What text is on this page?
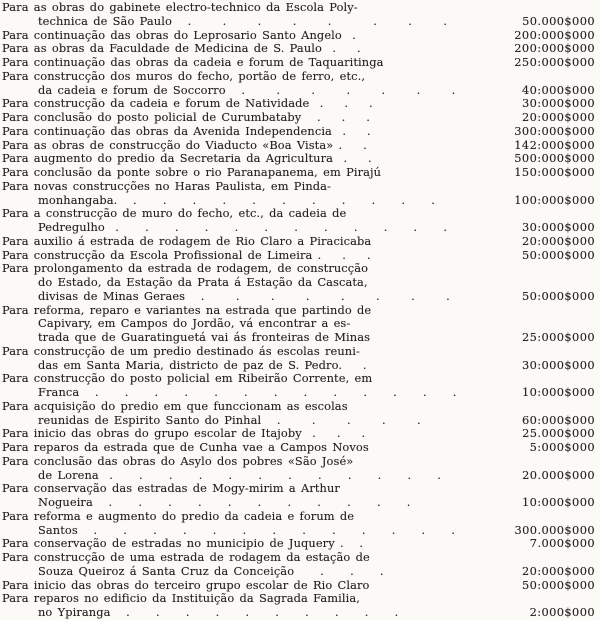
Para as obras do gabinete electro-technico da Escola Poly-
technica de São Paulo   .      .      .      .      .        .      .      .	50.000$000
Para continuação das obras do Leprosario Santo Angelo  .	200:000$000
Para as obras da Faculdade de Medicina de S. Paulo  .    .	200:000$000
Para continuação das obras da cadeia e forum de Taquaritinga	250:000$000
Para construcção dos muros do fecho, portão de ferro, etc.,
da cadeia e forum de Soccorro   .      .      .      .      .      .      .	40:000$000
Para construcção da cadeia e forum de Natividade  .    .    .	30:000$000
Para conclusão do posto policial de Curumbataby   .    .    .	20:000$000
Para continuação das obras da Avenida Independencia  .    .	300:000$000
Para as obras de construcção do Viaducto «Boa Vista» .    .	142:000$000
Para augmento do predio da Secretaria da Agricultura  .    .	500:000$000
Para conclusão da ponte sobre o rio Paranapanema, em Pirajú	150:000$000
Para novas construcções no Haras Paulista, em Pinda-
monhangaba.   .     .     .     .     .     .     .     .     .     .     .	100:000$000
Para a construcção de muro do fecho, etc., da cadeia de
Pedregulho  .     .     .     .     .     .     .     .     .     .     .     .	30:000$000
Para auxilio á estrada de rodagem de Rio Claro a Piracicaba	20:000$000
Para construcção da Escola Profissional de Limeira .    .    .	50:000$000
Para prolongamento da estrada de rodagem, de construcção
do Estado, da Estação da Prata á Estação da Cascata,
divisas de Minas Geraes   .      .      .      .      .      .      .      .	50:000$000
Para reforma, reparo e variantes na estrada que partindo de
Capivary, em Campos do Jordão, vá encontrar a es-
trada que de Guaratinguetá vai ás fronteiras de Minas	25:000$000
Para construcção de um predio destinado ás escolas reuni-
das em Santa Maria, districto de paz de S. Pedro.    .	30:000$000
Para construcção do posto policial em Ribeirão Corrente, em
Franca   .     .     .     .     .     .     .     .     .     .     .     .     .	10:000$000
Para acquisição do predio em que funccionam as escolas
reunidas de Espirito Santo do Pinhal   .      .      .      .      .	60:000$000
Para inicio das obras do grupo escolar de Itajoby  .    .    .	25.000$000
Para reparos da estrada que de Cunha vae a Campos Novos	5:000$000
Para conclusão das obras do Asylo dos pobres «São José»
de Lorena  .     .     .     .     .     .     .     .     .     .     .     .	20.000$000
Para conservação das estradas de Mogy-mirim a Arthur
Nogueira   .     .     .     .     .     .     .     .     .     .     .	10:000$000
Para reforma e augmento do predio da cadeia e forum de
Santos   .     .     .     .     .     .     .     .     .     .     .     .     .	300.000$000
Para conservação de estradas no municipio de Juquery .   .	7.000$000
Para construcção de uma estrada de rodagem da estação de
Souza Queiroz á Santa Cruz da Conceição     .     .     .	20:000$000
Para inicio das obras do terceiro grupo escolar de Rio Claro	50:000$000
Para reparos no edificio da Instituição da Sagrada Familia,
no Ypiranga   .     .     .     .     .     .     .     .     .     .	2:000$000
